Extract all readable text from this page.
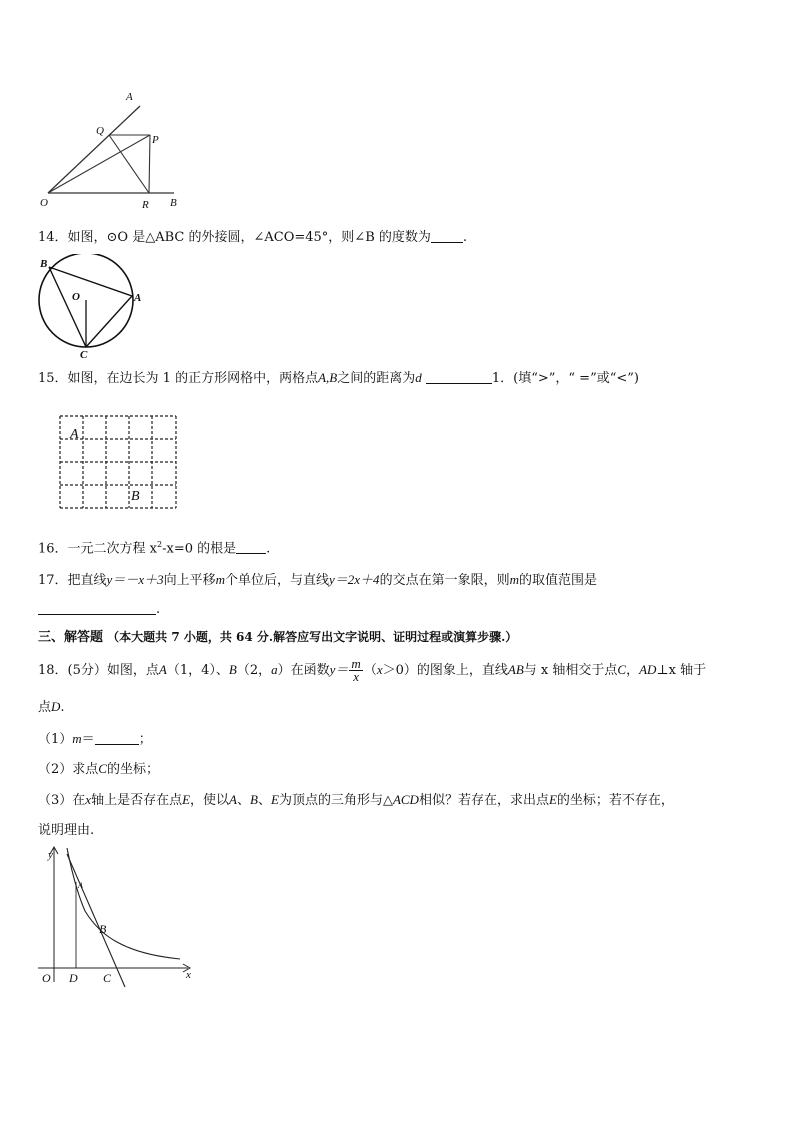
A
Q
P
O	R B
14．如图，⊙O 是△ABC 的外接圆，∠ACO=45°，则∠B 的度数为 .
B
O	A
C
15．如图，在边长为 1 的正方形网格中，两格点A,B之间的距离为d	1．(填“>”，“ =”或“<”)
A
B
16．一元二次方程 $x^2-x=0$ 的根是 .
17．把直线y＝－x＋3向上平移m个单位后，与直线y＝2x＋4的交点在第一象限，则m的取值范围是
.
三、解答题 （本大题共 7 小题，共 64 分.解答应写出文字说明、证明过程或演算步骤.）
18．(5分）如图，点A（1，4）、B（2，a）在函数$y= \frac{m}{x} (x>0)$的图象上，直线AB与 x 轴相交于点C，AD⊥x 轴于
点D.
（1）m＝	；
（2）求点C的坐标；
（3）在x轴上是否存在点E，使以A、B、E为顶点的三角形与△ACD相似？若存在，求出点E的坐标；若不存在，
说明理由.
y
A
B
O D C	x
